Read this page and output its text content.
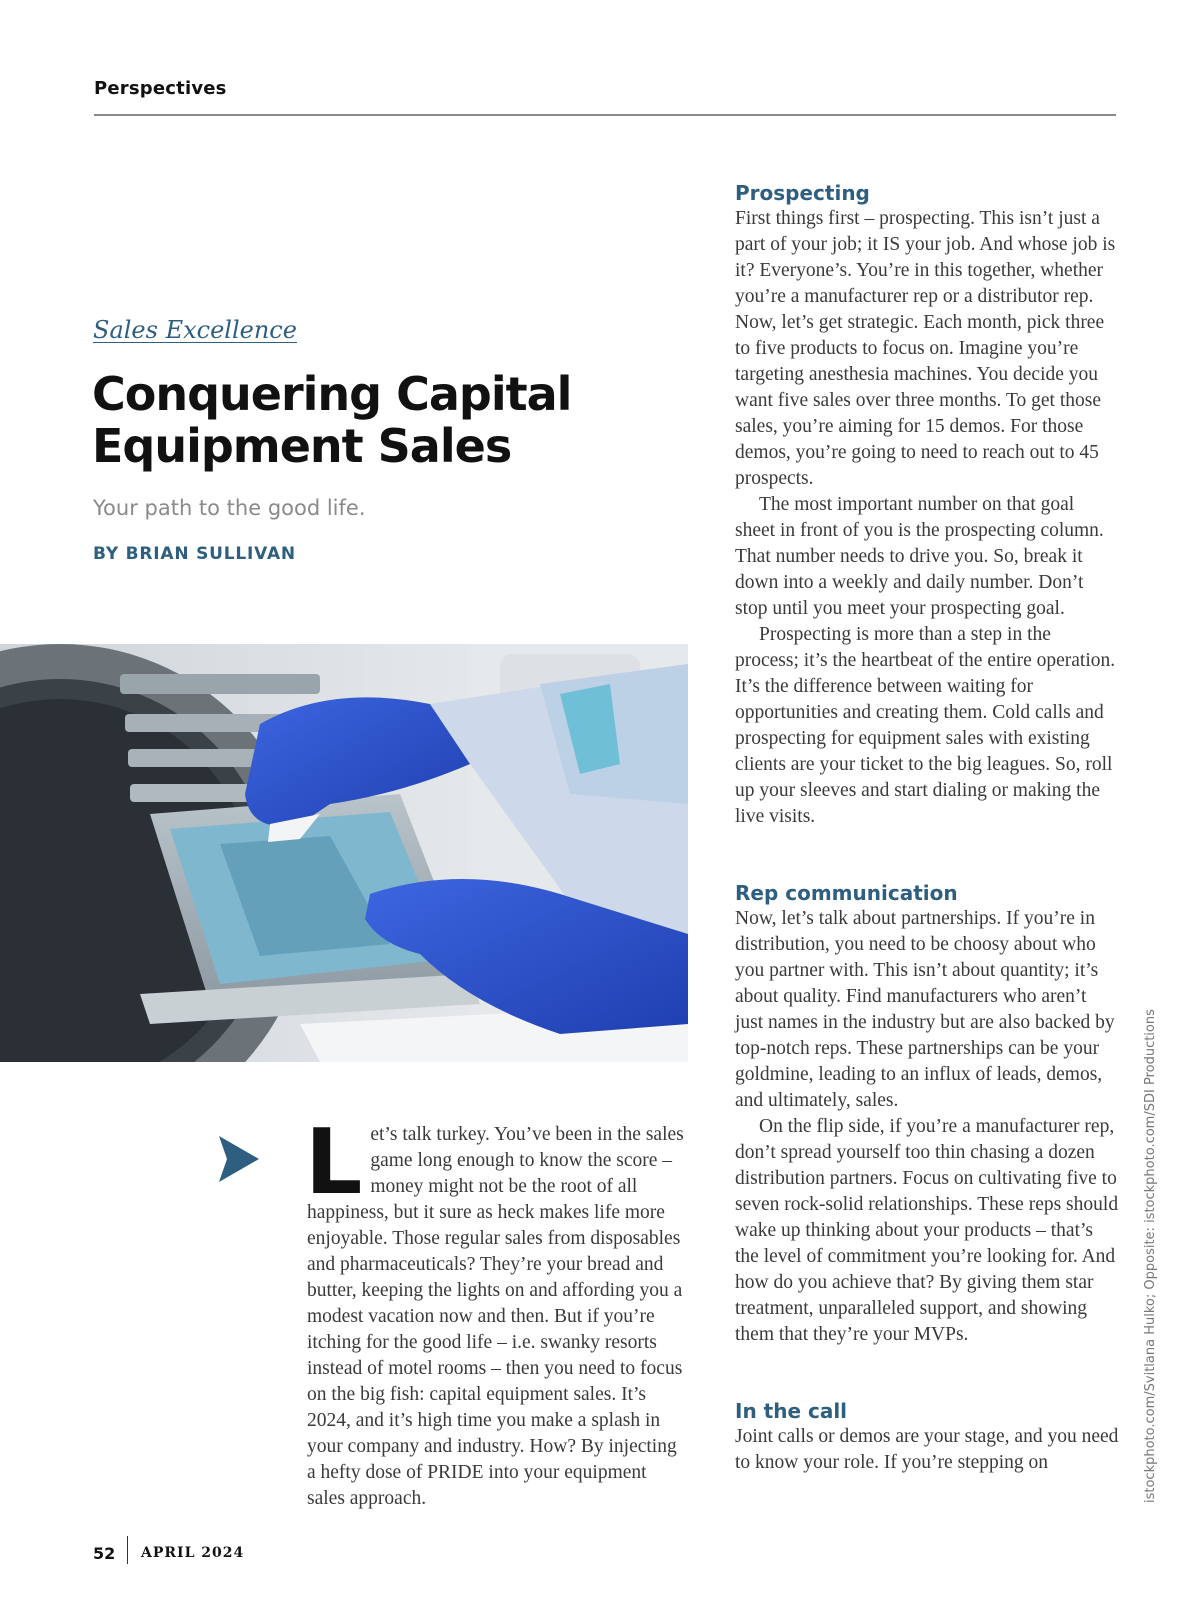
Perspectives
Sales Excellence
Conquering Capital
Equipment Sales
Your path to the good life.
BY BRIAN SULLIVAN

Let’s talk turkey. You’ve been in the sales game long enough to know the score – money might not be the root of all happiness, but it sure as heck makes life more enjoyable. Those regular sales from disposables and pharmaceuticals? They’re your bread and butter, keeping the lights on and affording you a modest vacation now and then. But if you’re itching for the good life – i.e. swanky resorts instead of motel rooms – then you need to focus on the big fish: capital equipment sales. It’s 2024, and it’s high time you make a splash in your company and industry. How? By injecting a hefty dose of PRIDE into your equipment sales approach.

Prospecting

First things first – prospecting. This isn’t just a part of your job; it IS your job. And whose job is it? Everyone’s. You’re in this together, whether you’re a manufacturer rep or a distributor rep. Now, let’s get strategic. Each month, pick three to five products to focus on. Imagine you’re targeting anesthesia machines. You decide you want five sales over three months. To get those sales, you’re aiming for 15 demos. For those demos, you’re going to need to reach out to 45 prospects.

The most important number on that goal sheet in front of you is the prospecting column. That number needs to drive you. So, break it down into a weekly and daily number. Don’t stop until you meet your prospecting goal.

Prospecting is more than a step in the process; it’s the heartbeat of the entire operation. It’s the difference between waiting for opportunities and creating them. Cold calls and prospecting for equipment sales with existing clients are your ticket to the big leagues. So, roll up your sleeves and start dialing or making the live visits.

Rep communication

Now, let’s talk about partnerships. If you’re in distribution, you need to be choosy about who you partner with. This isn’t about quantity; it’s about quality. Find manufacturers who aren’t just names in the industry but are also backed by top-notch reps. These partnerships can be your goldmine, leading to an influx of leads, demos, and ultimately, sales.

On the flip side, if you’re a manufacturer rep, don’t spread yourself too thin chasing a dozen distribution partners. Focus on cultivating five to seven rock-solid relationships. These reps should wake up thinking about your products – that’s the level of commitment you’re looking for. And how do you achieve that? By giving them star treatment, unparalleled support, and showing them that they’re your MVPs.

In the call

Joint calls or demos are your stage, and you need to know your role. If you’re stepping on

52 APRIL 2024
istockphoto.com/Svitlana Hulko; Opposite: istockphoto.com/SDI Productions
